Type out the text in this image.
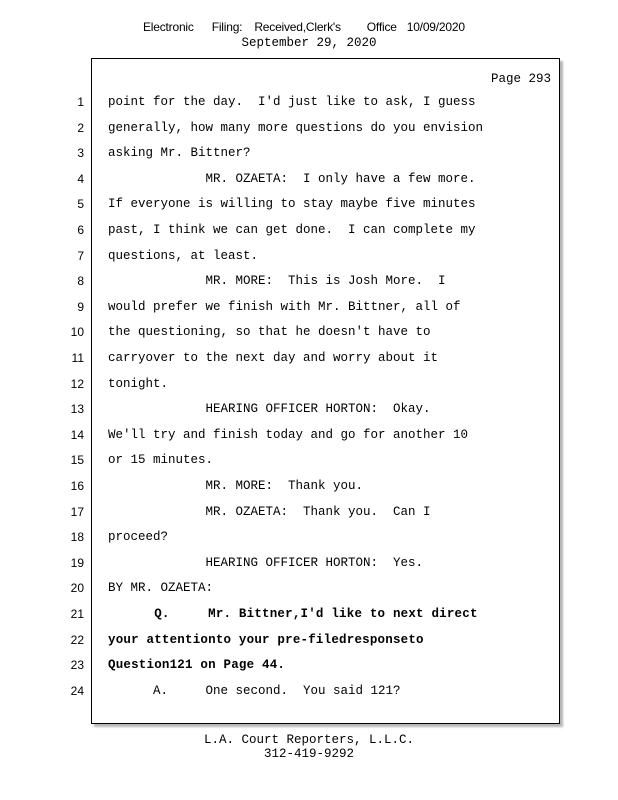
Electronic Filing: Received,Clerk's Office 10/09/2020
September 29, 2020
Page 293
1 point for the day.  I'd just like to ask, I guess
2 generally, how many more questions do you envision
3 asking Mr. Bittner?
4 MR. OZAETA:  I only have a few more.
5 If everyone is willing to stay maybe five minutes
6 past, I think we can get done.  I can complete my
7 questions, at least.
8 MR. MORE:  This is Josh More.  I
9 would prefer we finish with Mr. Bittner, all of
10 the questioning, so that he doesn't have to
11 carryover to the next day and worry about it
12 tonight.
13 HEARING OFFICER HORTON:  Okay.
14 We'll try and finish today and go for another 10
15 or 15 minutes.
16 MR. MORE:  Thank you.
17 MR. OZAETA:  Thank you.  Can I
18 proceed?
19 HEARING OFFICER HORTON:  Yes.
20 BY MR. OZAETA:
21 Q.     Mr. Bittner,I'd like to next direct
22 your attentionto your pre-filedresponseto
23 Question121 on Page 44.
24 A.     One second.  You said 121?
L.A. Court Reporters, L.L.C.
312-419-9292
